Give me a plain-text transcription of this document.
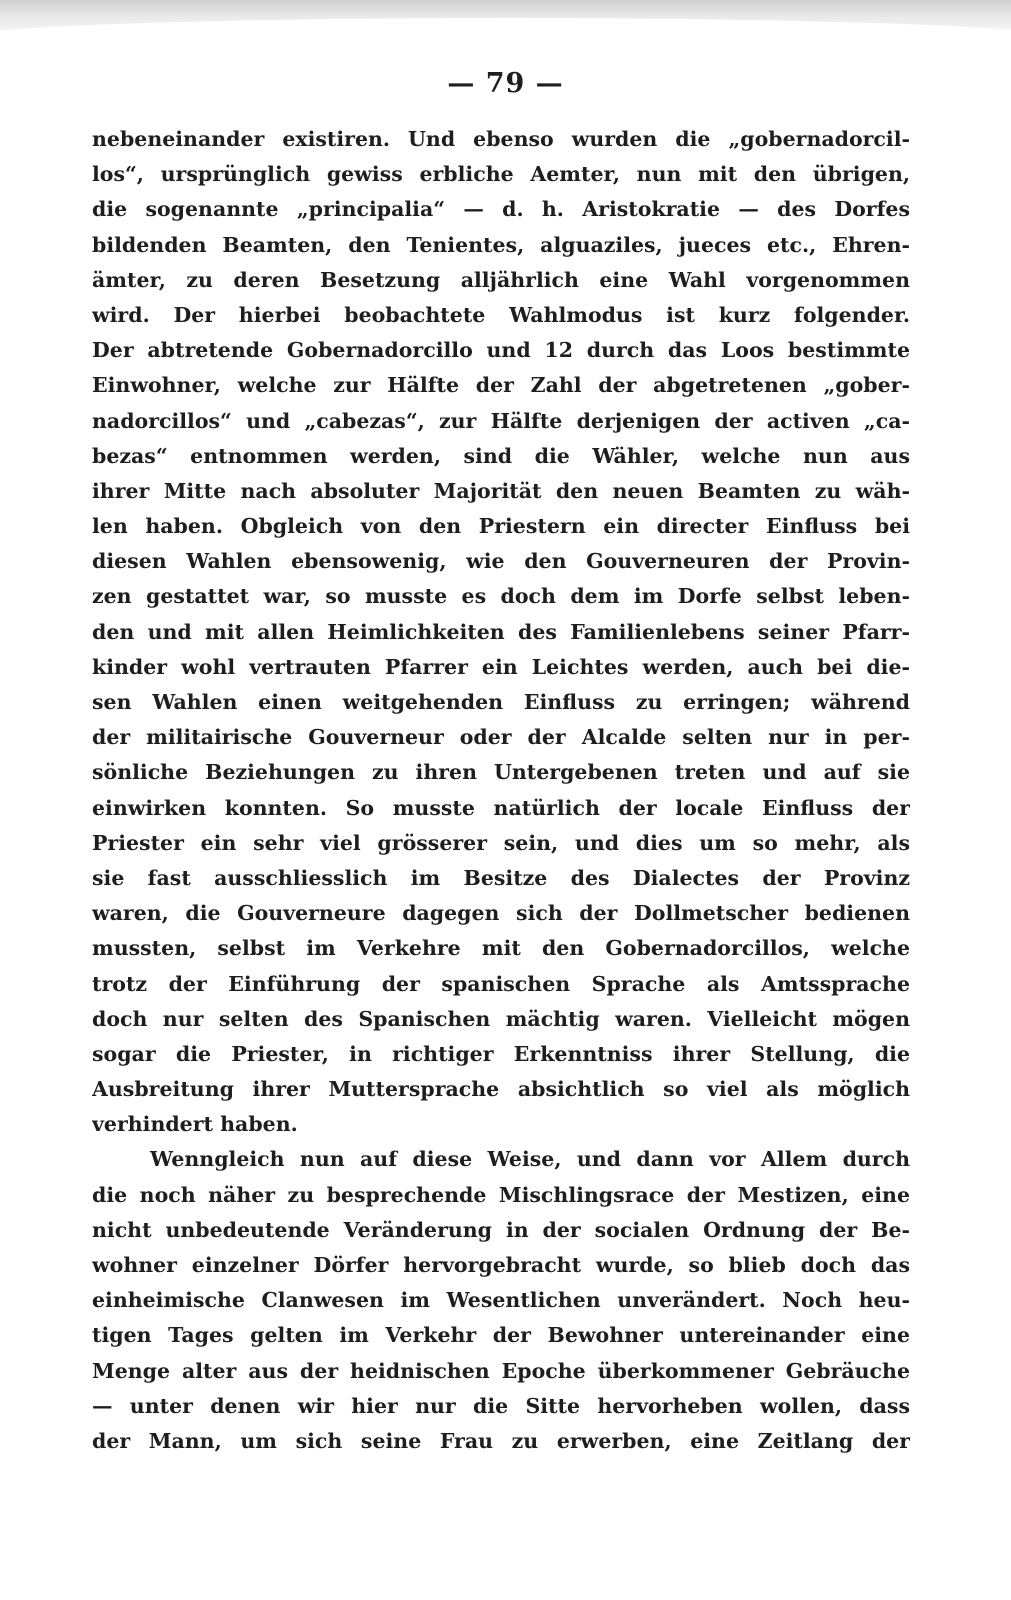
— 79 —
nebeneinander existiren. Und ebenso wurden die „gobernadorcil-
los“, ursprünglich gewiss erbliche Aemter, nun mit den übrigen,
die sogenannte „principalia“ — d. h. Aristokratie — des Dorfes
bildenden Beamten, den Tenientes, alguaziles, jueces etc., Ehren-
ämter, zu deren Besetzung alljährlich eine Wahl vorgenommen
wird. Der hierbei beobachtete Wahlmodus ist kurz folgender.
Der abtretende Gobernadorcillo und 12 durch das Loos bestimmte
Einwohner, welche zur Hälfte der Zahl der abgetretenen „gober-
nadorcillos“ und „cabezas“, zur Hälfte derjenigen der activen „ca-
bezas“ entnommen werden, sind die Wähler, welche nun aus
ihrer Mitte nach absoluter Majorität den neuen Beamten zu wäh-
len haben. Obgleich von den Priestern ein directer Einfluss bei
diesen Wahlen ebensowenig, wie den Gouverneuren der Provin-
zen gestattet war, so musste es doch dem im Dorfe selbst leben-
den und mit allen Heimlichkeiten des Familienlebens seiner Pfarr-
kinder wohl vertrauten Pfarrer ein Leichtes werden, auch bei die-
sen Wahlen einen weitgehenden Einfluss zu erringen; während
der militairische Gouverneur oder der Alcalde selten nur in per-
sönliche Beziehungen zu ihren Untergebenen treten und auf sie
einwirken konnten. So musste natürlich der locale Einfluss der
Priester ein sehr viel grösserer sein, und dies um so mehr, als
sie fast ausschliesslich im Besitze des Dialectes der Provinz
waren, die Gouverneure dagegen sich der Dollmetscher bedienen
mussten, selbst im Verkehre mit den Gobernadorcillos, welche
trotz der Einführung der spanischen Sprache als Amtssprache
doch nur selten des Spanischen mächtig waren. Vielleicht mögen
sogar die Priester, in richtiger Erkenntniss ihrer Stellung, die
Ausbreitung ihrer Muttersprache absichtlich so viel als möglich
verhindert haben.
Wenngleich nun auf diese Weise, und dann vor Allem durch
die noch näher zu besprechende Mischlingsrace der Mestizen, eine
nicht unbedeutende Veränderung in der socialen Ordnung der Be-
wohner einzelner Dörfer hervorgebracht wurde, so blieb doch das
einheimische Clanwesen im Wesentlichen unverändert. Noch heu-
tigen Tages gelten im Verkehr der Bewohner untereinander eine
Menge alter aus der heidnischen Epoche überkommener Gebräuche
— unter denen wir hier nur die Sitte hervorheben wollen, dass
der Mann, um sich seine Frau zu erwerben, eine Zeitlang der
